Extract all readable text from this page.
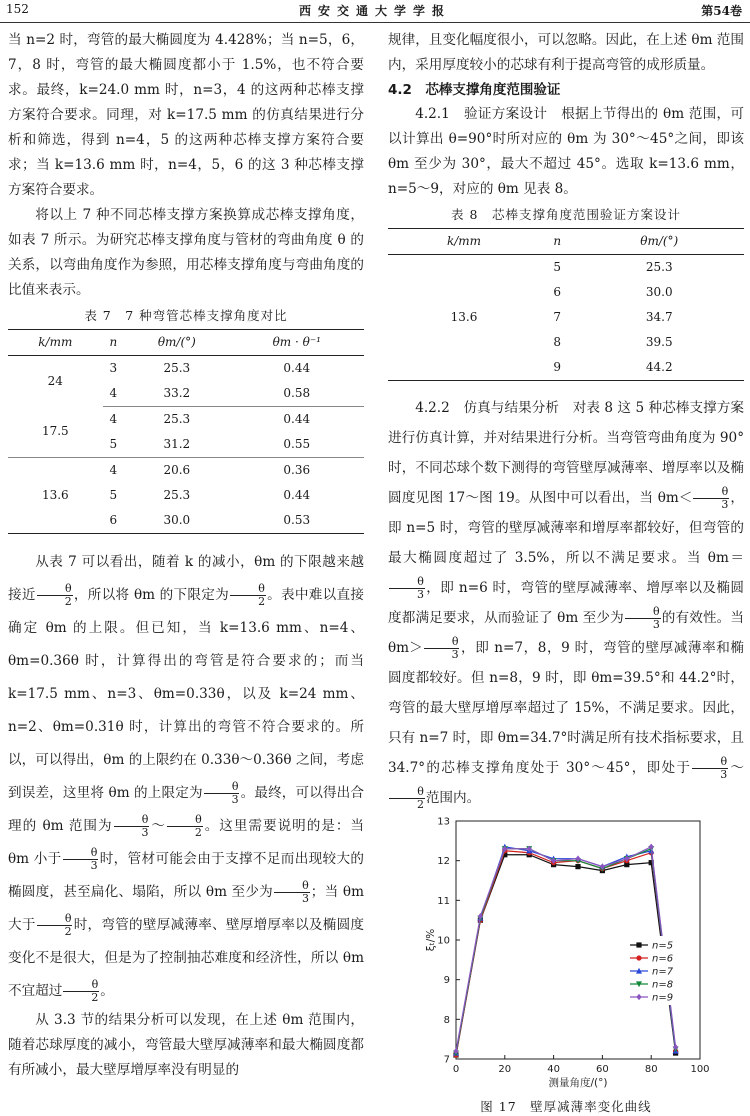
152	西安交通大学学报	第54卷

当 n=2 时，弯管的最大椭圆度为 4.428%；当 n=5，6，7，8 时，弯管的最大椭圆度都小于 1.5%，也不符合要求。最终，k=24.0 mm 时，n=3，4 的这两种芯棒支撑方案符合要求。同理，对 k=17.5 mm 的仿真结果进行分析和筛选，得到 n=4，5 的这两种芯棒支撑方案符合要求；当 k=13.6 mm 时，n=4，5，6 的这 3 种芯棒支撑方案符合要求。

将以上 7 种不同芯棒支撑方案换算成芯棒支撑角度，如表 7 所示。为研究芯棒支撑角度与管材的弯曲角度 θ 的关系，以弯曲角度作为参照，用芯棒支撑角度与弯曲角度的比值来表示。

表 7　7 种弯管芯棒支撑角度对比
k/mm	n	θm/(°)	θm · θ⁻¹
24	3	25.3	0.44
	4	33.2	0.58
17.5	4	25.3	0.44
	5	31.2	0.55
13.6	4	20.6	0.36
	5	25.3	0.44
	6	30.0	0.53

从表 7 可以看出，随着 k 的减小，θm 的下限越来越接近 $\frac{\theta}{2}$ ，所以将 θm 的下限定为 $\frac{\theta}{2}$ 。表中难以直接确定 θm 的上限。但已知，当 k=13.6 mm、n=4、θm=0.36θ 时，计算得出的弯管是符合要求的；而当 k=17.5 mm、n=3、θm=0.33θ，以及 k=24 mm、n=2、θm=0.31θ 时，计算出的弯管不符合要求的。所以，可以得出，θm 的上限约在 0.33θ～0.36θ 之间，考虑到误差，这里将 θm 的上限定为 $\frac{\theta}{3}$ 。最终，可以得出合理的 θm 范围为 $\frac{\theta}{3}$ ～ $\frac{\theta}{2}$ 。这里需要说明的是：当 θm 小于 $\frac{\theta}{3}$ 时，管材可能会由于支撑不足而出现较大的椭圆度，甚至扁化、塌陷，所以 θm 至少为 $\frac{\theta}{3}$ ；当 θm 大于 $\frac{\theta}{2}$ 时，弯管的壁厚减薄率、壁厚增厚率以及椭圆度变化不是很大，但是为了控制抽芯难度和经济性，所以 θm 不宜超过 $\frac{\theta}{2}$ 。

从 3.3 节的结果分析可以发现，在上述 θm 范围内，随着芯球厚度的减小，弯管最大壁厚减薄率和最大椭圆度都有所减小，最大壁厚增厚率没有明显的

规律，且变化幅度很小，可以忽略。因此，在上述 θm 范围内，采用厚度较小的芯球有利于提高弯管的成形质量。

4.2　芯棒支撑角度范围验证

4.2.1　验证方案设计　根据上节得出的 θm 范围，可以计算出 θ=90°时所对应的 θm 为 30°～45°之间，即该 θm 至少为 30°，最大不超过 45°。选取 k=13.6 mm，n=5～9，对应的 θm 见表 8。

表 8　芯棒支撑角度范围验证方案设计
k/mm	n	θm/(°)
13.6	5	25.3
	6	30.0
	7	34.7
	8	39.5
	9	44.2

4.2.2　仿真与结果分析　对表 8 这 5 种芯棒支撑方案进行仿真计算，并对结果进行分析。当弯管弯曲角度为 90°时，不同芯球个数下测得的弯管壁厚减薄率、增厚率以及椭圆度见图 17～图 19。从图中可以看出，当 $\theta m< \frac{\theta}{3}$ ，即 n=5 时，弯管的壁厚减薄率和增厚率都较好，但弯管的最大椭圆度超过了 3.5%，所以不满足要求。当 θm＝
$\frac{\theta}{3}$ ，即 n=6 时，弯管的壁厚减薄率、增厚率以及椭圆度都满足要求，从而验证了 θm 至少为 $\frac{\theta}{3}$ 的有效性。当 $\theta m> \frac{\theta}{3}$ ，即 n=7，8，9 时，弯管的壁厚减薄率和椭圆度都较好。但 n=8，9 时，即 θm=39.5°和 44.2°时，弯管的最大壁厚增厚率超过了 15%，不满足要求。因此，只有 n=7 时，即 θm=34.7°时满足所有技术指标要求，且 34.7°的芯棒支撑角度处于 30°～45°，即处于 $\frac{\theta}{3}$ ～
$\frac{\theta}{2}$ 范围内。

0	20	40	60	80	100
7
8
9
10
11
12
13
测量角度/(°)
ξₜ/%	n=5
n=6
n=7
n=8
n=9
图 17　壁厚减薄率变化曲线
